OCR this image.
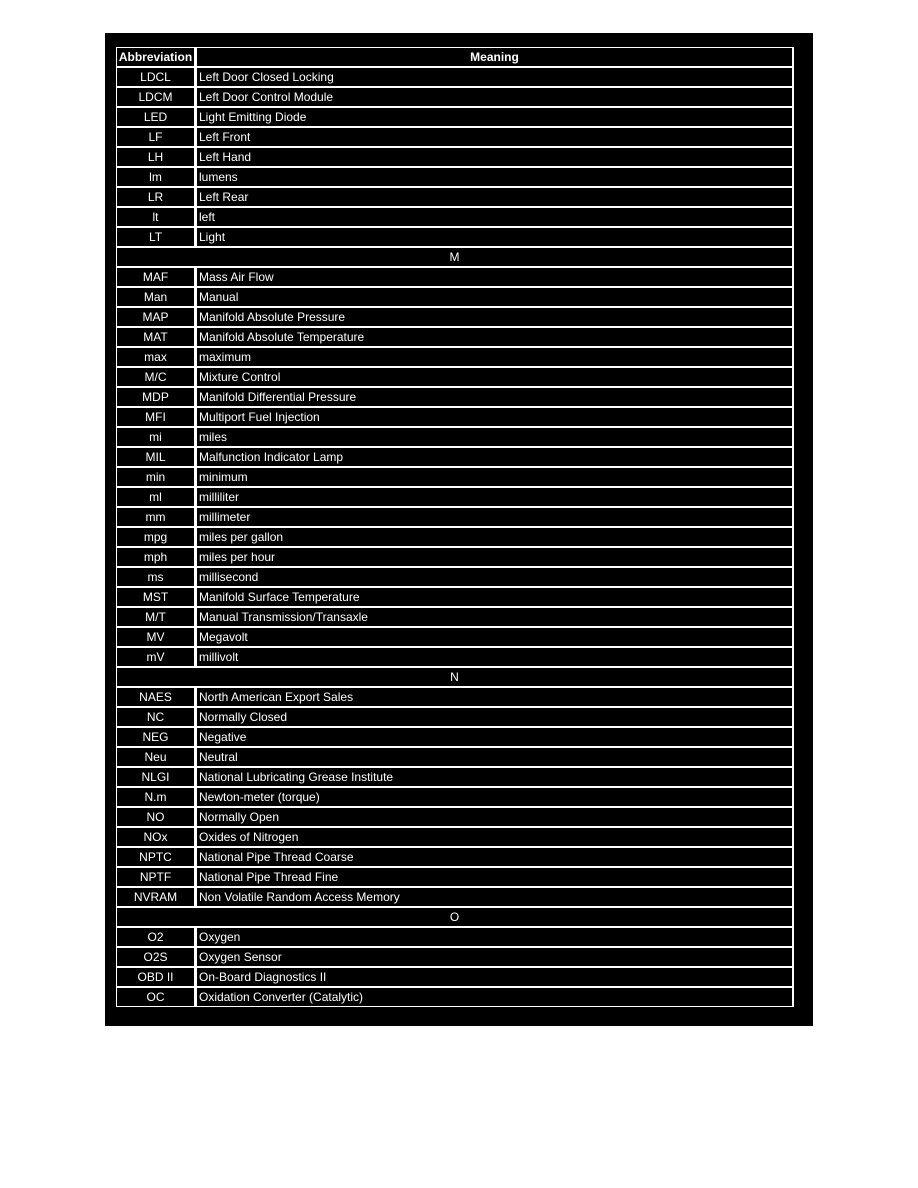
Abbreviation	Meaning
LDCL	Left Door Closed Locking
LDCM	Left Door Control Module
LED	Light Emitting Diode
LF	Left Front
LH	Left Hand
lm	lumens
LR	Left Rear
lt	left
LT	Light
M	
MAF	Mass Air Flow
Man	Manual
MAP	Manifold Absolute Pressure
MAT	Manifold Absolute Temperature
max	maximum
M/C	Mixture Control
MDP	Manifold Differential Pressure
MFI	Multiport Fuel Injection
mi	miles
MIL	Malfunction Indicator Lamp
min	minimum
ml	milliliter
mm	millimeter
mpg	miles per gallon
mph	miles per hour
ms	millisecond
MST	Manifold Surface Temperature
M/T	Manual Transmission/Transaxle
MV	Megavolt
mV	millivolt
N	
NAES	North American Export Sales
NC	Normally Closed
NEG	Negative
Neu	Neutral
NLGI	National Lubricating Grease Institute
N.m	Newton-meter (torque)
NO	Normally Open
NOx	Oxides of Nitrogen
NPTC	National Pipe Thread Coarse
NPTF	National Pipe Thread Fine
NVRAM	Non Volatile Random Access Memory
O	
O2	Oxygen
O2S	Oxygen Sensor
OBD II	On-Board Diagnostics II
OC	Oxidation Converter (Catalytic)
